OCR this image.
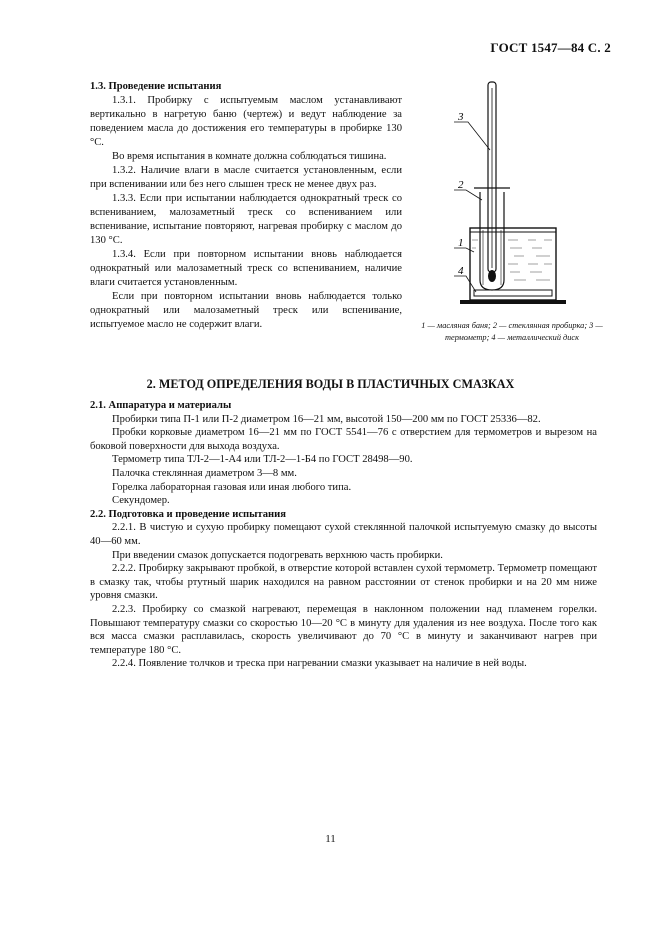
ГОСТ 1547—84 С. 2

1.3. Проведение испытания

1.3.1. Пробирку с испытуемым маслом устанавливают вертикально в нагретую баню (чертеж) и ведут наблюдение за поведением масла до достижения его температуры в пробирке 130 °С.

Во время испытания в комнате должна соблюдаться тишина.

1.3.2. Наличие влаги в масле считается установленным, если при вспенивании или без него слышен треск не менее двух раз.

1.3.3. Если при испытании наблюдается однократный треск со вспениванием, малозаметный треск со вспениванием или вспенивание, испытание повторяют, нагревая пробирку с маслом до 130 °С.

1.3.4. Если при повторном испытании вновь наблюдается однократный или малозаметный треск со вспениванием, наличие влаги считается установленным.

Если при повторном испытании вновь наблюдается только однократный или малозаметный треск или вспенивание, испытуемое масло не содержит влаги.

3
2
1
4
1 — масляная баня; 2 — стеклянная пробирка; 3 — термометр; 4 — металлический диск
2. МЕТОД ОПРЕДЕЛЕНИЯ ВОДЫ В ПЛАСТИЧНЫХ СМАЗКАХ

2.1. Аппаратура и материалы

Пробирки типа П-1 или П-2 диаметром 16—21 мм, высотой 150—200 мм по ГОСТ 25336—82.

Пробки корковые диаметром 16—21 мм по ГОСТ 5541—76 с отверстием для термометров и вырезом на боковой поверхности для выхода воздуха.

Термометр типа ТЛ-2—1-А4 или ТЛ-2—1-Б4 по ГОСТ 28498—90.

Палочка стеклянная диаметром 3—8 мм.

Горелка лабораторная газовая или иная любого типа.

Секундомер.

2.2. Подготовка и проведение испытания

2.2.1. В чистую и сухую пробирку помещают сухой стеклянной палочкой испытуемую смазку до высоты 40—60 мм.

При введении смазок допускается подогревать верхнюю часть пробирки.

2.2.2. Пробирку закрывают пробкой, в отверстие которой вставлен сухой термометр. Термометр помещают в смазку так, чтобы ртутный шарик находился на равном расстоянии от стенок пробирки и на 20 мм ниже уровня смазки.

2.2.3. Пробирку со смазкой нагревают, перемещая в наклонном положении над пламенем горелки. Повышают температуру смазки со скоростью 10—20 °С в минуту для удаления из нее воздуха. После того как вся масса смазки расплавилась, скорость увеличивают до 70 °С в минуту и заканчивают нагрев при температуре 180 °С.

2.2.4. Появление толчков и треска при нагревании смазки указывает на наличие в ней воды.

11
